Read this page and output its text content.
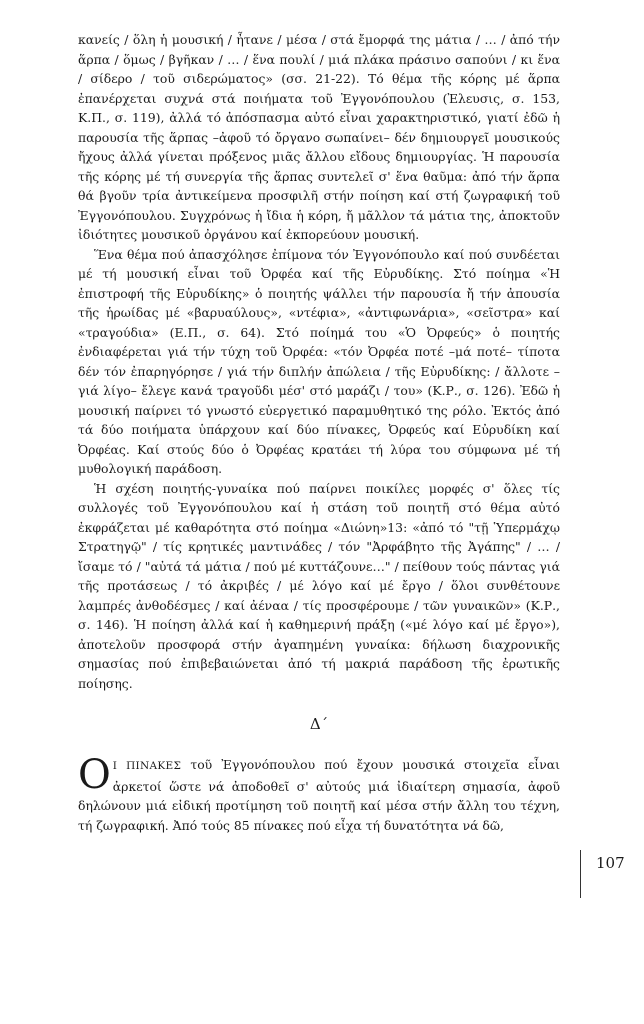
κανείς / ὅλη ἡ μουσική / ἦτανε / μέσα / στά ἔμορφά της μάτια / … / ἀπό τήν ἅρπα / ὅμως / βγῆκαν / … / ἕνα πουλί / μιά πλάκα πράσινο σαπούνι / κι ἕνα / σίδερο / τοῦ σιδερώματος» (σσ. 21-22). Τό θέμα τῆς κόρης μέ ἅρπα ἐπανέρχεται συχνά στά ποιήματα τοῦ Ἐγγονόπουλου (Ἐλευσις, σ. 153, Κ.Π., σ. 119), ἀλλά τό ἀπόσπασμα αὐτό εἶναι χαρακτηριστικό, γιατί ἐδῶ ἡ παρουσία τῆς ἅρπας –ἀφοῦ τό ὄργανο σωπαίνει– δέν δημιουργεῖ μουσικούς ἤχους ἀλλά γίνεται πρόξενος μιᾶς ἄλλου εἴδους δημιουργίας. Ἡ παρουσία τῆς κόρης μέ τή συνεργία τῆς ἅρπας συντελεῖ σ' ἕνα θαῦμα: ἀπό τήν ἅρπα θά βγοῦν τρία ἀντικείμενα προσφιλῆ στήν ποίηση καί στή ζωγραφική τοῦ Ἐγγονόπουλου. Συγχρόνως ἡ ἴδια ἡ κόρη, ἤ μᾶλλον τά μάτια της, ἀποκτοῦν ἰδιότητες μουσικοῦ ὀργάνου καί ἐκπορεύουν μουσική.

Ἕνα θέμα πού ἀπασχόλησε ἐπίμονα τόν Ἐγγονόπουλο καί πού συνδέεται μέ τή μουσική εἶναι τοῦ Ὀρφέα καί τῆς Εὐρυδίκης. Στό ποίημα «Ἡ ἐπιστροφή τῆς Εὐρυδίκης» ὁ ποιητής ψάλλει τήν παρουσία ἤ τήν ἀπουσία τῆς ἡρωίδας μέ «βαρυαύλους», «ντέφια», «ἀντιφωνάρια», «σεῖστρα» καί «τραγούδια» (Ε.Π., σ. 64). Στό ποίημά του «Ὁ Ὀρφεύς» ὁ ποιητής ἐνδιαφέρεται γιά τήν τύχη τοῦ Ὀρφέα: «τόν Ὀρφέα ποτέ –μά ποτέ– τίποτα δέν τόν ἐπαρηγόρησε / γιά τήν διπλήν ἀπώλεια / τῆς Εὐρυδίκης: / ἄλλοτε –γιά λίγο– ἔλεγε κανά τραγοῦδι μέσ' στό μαράζι / του» (Κ.Ρ., σ. 126). Ἐδῶ ἡ μουσική παίρνει τό γνωστό εὐεργετικό παραμυθητικό της ρόλο. Ἐκτός ἀπό τά δύο ποιήματα ὑπάρχουν καί δύο πίνακες, Ὀρφεύς καί Εὐρυδίκη καί Ὀρφέας. Καί στούς δύο ὁ Ὀρφέας κρατάει τή λύρα του σύμφωνα μέ τή μυθολογική παράδοση.

Ἡ σχέση ποιητής-γυναίκα πού παίρνει ποικίλες μορφές σ' ὅλες τίς συλλογές τοῦ Ἐγγονόπουλου καί ἡ στάση τοῦ ποιητῆ στό θέμα αὐτό ἐκφράζεται μέ καθαρότητα στό ποίημα «Διώνη»13: «ἀπό τό "τῇ Ὑπερμάχῳ Στρατηγῷ" / τίς κρητικές μαντινάδες / τόν "Ἀρφάβητο τῆς Ἀγάπης" / … / ἴσαμε τό / "αὐτά τά μάτια / πού μέ κυττάζουνε…" / πείθουν τούς πάντας γιά τῆς προτάσεως / τό ἀκριβές / μέ λόγο καί μέ ἔργο / ὅλοι συνθέτουνε λαμπρές ἀνθοδέσμες / καί ἀέναα / τίς προσφέρουμε / τῶν γυναικῶν» (Κ.Ρ., σ. 146). Ἡ ποίηση ἀλλά καί ἡ καθημερινή πράξη («μέ λόγο καί μέ ἔργο»), ἀποτελοῦν προσφορά στήν ἀγαπημένη γυναίκα: δήλωση διαχρονικῆς σημασίας πού ἐπιβεβαιώνεται ἀπό τή μακριά παράδοση τῆς ἐρωτικῆς ποίησης.

Δ΄

Ο Ι ΠΙΝΑΚΕΣ τοῦ Ἐγγονόπουλου πού ἔχουν μουσικά στοιχεῖα εἶναι ἀρκετοί ὥστε νά ἀποδοθεῖ σ' αὐτούς μιά ἰδιαίτερη σημασία, ἀφοῦ δηλώνουν μιά εἰδική προτίμηση τοῦ ποιητῆ καί μέσα στήν ἄλλη του τέχνη, τή ζωγραφική. Ἀπό τούς 85 πίνακες πού εἶχα τή δυνατότητα νά δῶ,

107
